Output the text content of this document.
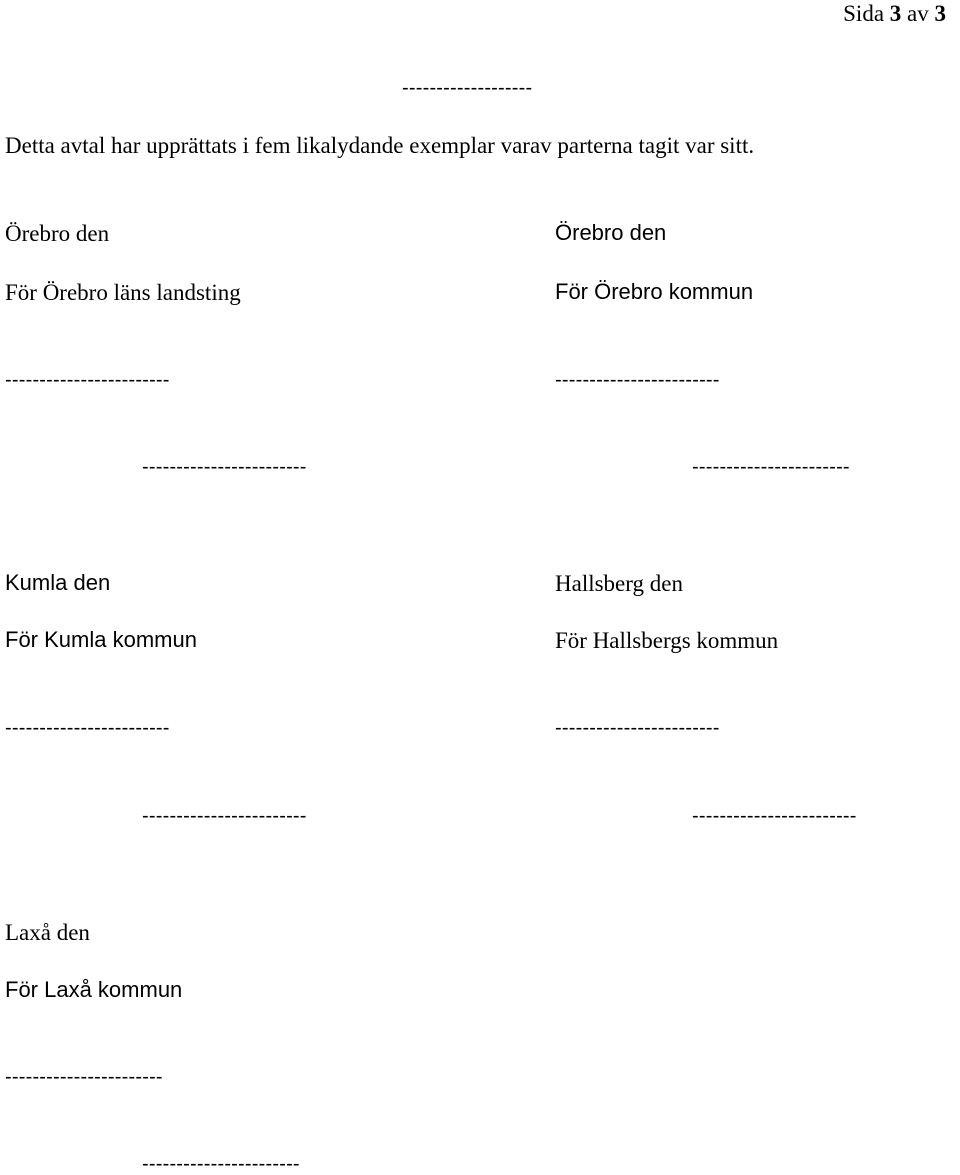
Sida 3 av 3
-------------------

Detta avtal har upprättats i fem likalydande exemplar varav parterna tagit var sitt.

Örebro den
För Örebro läns landsting
------------------------
------------------------
Örebro den
För Örebro kommun
------------------------
-----------------------
Kumla den
För Kumla kommun
------------------------
------------------------
Hallsberg den
För Hallsbergs kommun
------------------------
------------------------
Laxå den
För Laxå kommun
-----------------------
-----------------------
